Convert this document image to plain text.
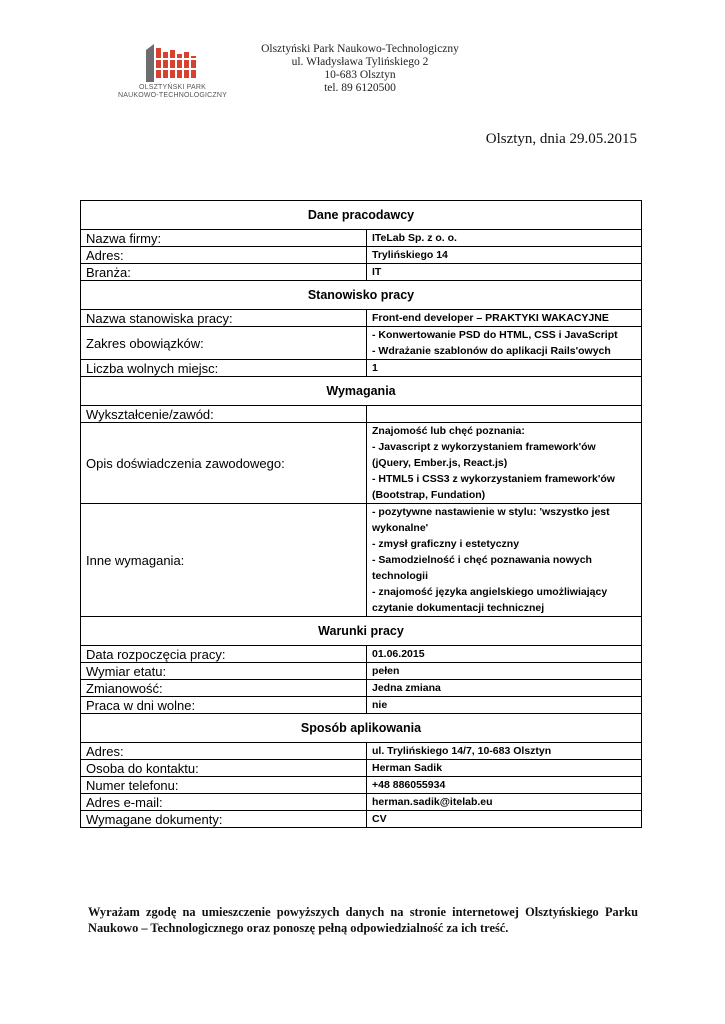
OLSZTYŃSKI PARK
NAUKOWO-TECHNOLOGICZNY
Olsztyński Park Naukowo-Technologiczny
ul. Władysława Tylińskiego 2
10-683 Olsztyn
tel. 89 6120500
Olsztyn, dnia 29.05.2015
Dane pracodawcy	
Nazwa firmy:	ITeLab Sp. z o. o.
Adres:	Trylińskiego 14
Branża:	IT
Stanowisko pracy	
Nazwa stanowiska pracy:	Front-end developer – PRAKTYKI WAKACYJNE
Zakres obowiązków:	- Konwertowanie PSD do HTML, CSS i JavaScript
- Wdrażanie szablonów do aplikacji Rails'owych
Liczba wolnych miejsc:	1
Wymagania	
Wykształcenie/zawód:	
Opis doświadczenia zawodowego:	Znajomość lub chęć poznania:
- Javascript z wykorzystaniem framework'ów (jQuery, Ember.js, React.js)
- HTML5 i CSS3 z wykorzystaniem framework'ów (Bootstrap, Fundation)
Inne wymagania:	- pozytywne nastawienie w stylu: 'wszystko jest wykonalne'
- zmysł graficzny i estetyczny
- Samodzielność i chęć poznawania nowych technologii
- znajomość języka angielskiego umożliwiający czytanie dokumentacji technicznej
Warunki pracy	
Data rozpoczęcia pracy:	01.06.2015
Wymiar etatu:	pełen
Zmianowość:	Jedna zmiana
Praca w dni wolne:	nie
Sposób aplikowania	
Adres:	ul. Trylińskiego 14/7, 10-683 Olsztyn
Osoba do kontaktu:	Herman Sadik
Numer telefonu:	+48 886055934
Adres e-mail:	herman.sadik@itelab.eu
Wymagane dokumenty:	CV
Wyrażam zgodę na umieszczenie powyższych danych na stronie internetowej Olsztyńskiego Parku Naukowo – Technologicznego oraz ponoszę pełną odpowiedzialność za ich treść.
